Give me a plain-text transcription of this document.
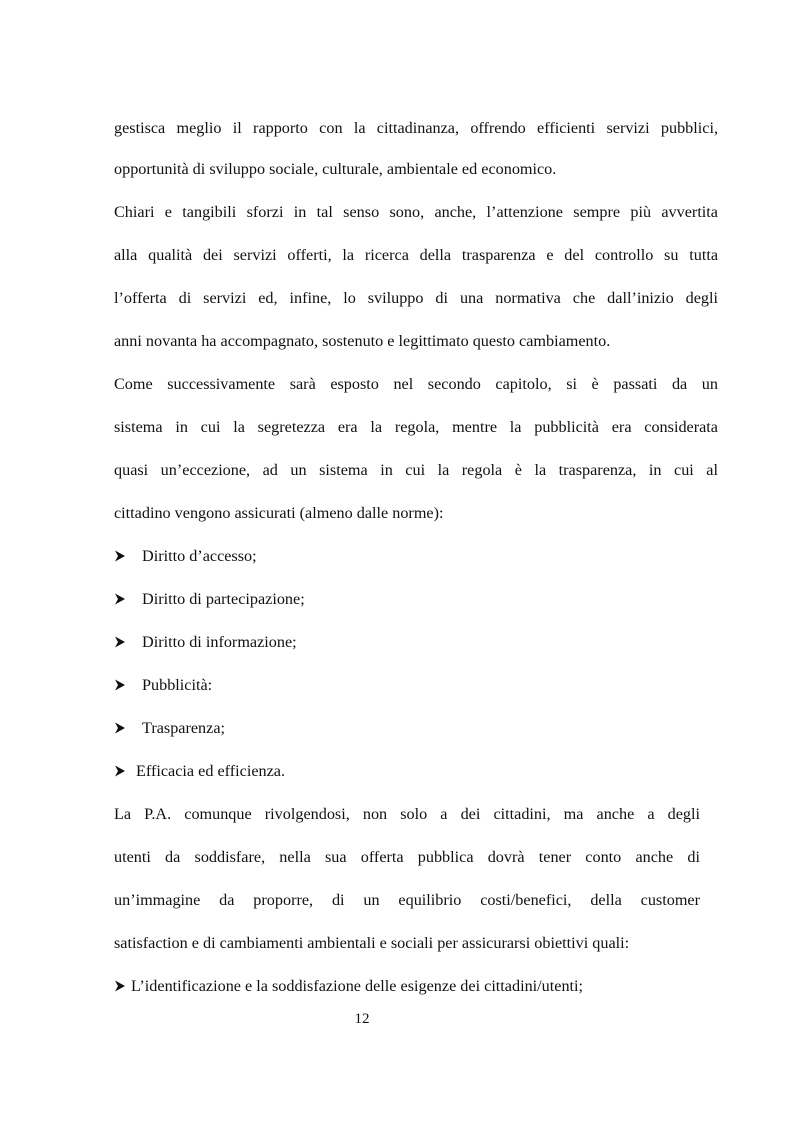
gestisca meglio il rapporto con la cittadinanza, offrendo efficienti servizi pubblici,
opportunità di sviluppo sociale, culturale, ambientale ed economico.
Chiari e tangibili sforzi in tal senso sono, anche, l’attenzione sempre più avvertita
alla qualità dei servizi offerti, la ricerca della trasparenza e del controllo su tutta
l’offerta di servizi ed, infine, lo sviluppo di una normativa che dall’inizio degli
anni novanta ha accompagnato, sostenuto e legittimato questo cambiamento.
Come successivamente sarà esposto nel secondo capitolo, si è passati da un
sistema in cui la segretezza era la regola, mentre la pubblicità era considerata
quasi un’eccezione, ad un sistema in cui la regola è la trasparenza, in cui al
cittadino vengono assicurati (almeno dalle norme):
Diritto d’accesso;
Diritto di partecipazione;
Diritto di informazione;
Pubblicità:
Trasparenza;
Efficacia ed efficienza.
La P.A. comunque rivolgendosi, non solo a dei cittadini, ma anche a degli
utenti da soddisfare, nella sua offerta pubblica dovrà tener conto anche di
un’immagine da proporre, di un equilibrio costi/benefici, della customer
satisfaction e di cambiamenti ambientali e sociali per assicurarsi obiettivi quali:
L’identificazione e la soddisfazione delle esigenze dei cittadini/utenti;
12
